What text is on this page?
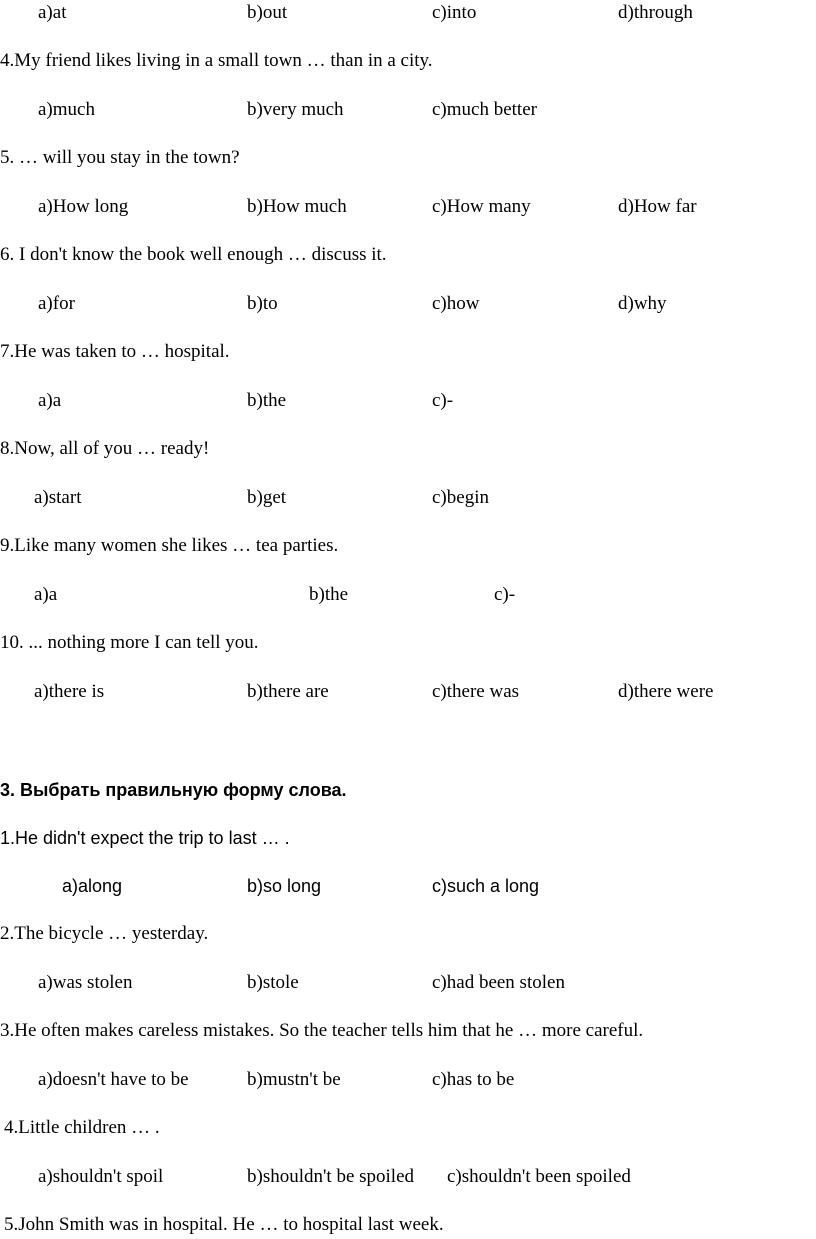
a)at	b)out	c)into	d)through
4.My friend likes living in a small town … than in a city.
a)much	b)very much	c)much better
5. … will you stay in the town?
a)How long	b)How much	c)How many	d)How far
6. I don't know the book well enough … discuss it.
a)for	b)to	c)how	d)why
7.He was taken to … hospital.
a)a	b)the	c)-
8.Now, all of you … ready!
a)start	b)get	c)begin
9.Like many women she likes … tea parties.
a)a	b)the	c)-
10. ... nothing more I can tell you.
a)there is	b)there are	c)there was	d)there were
3. Выбрать правильную форму слова.
1.He didn't expect the trip to last … .
a)along	b)so long	c)such a long
2.The bicycle … yesterday.
a)was stolen	b)stole	c)had been stolen
3.He often makes careless mistakes. So the teacher tells him that he … more careful.
a)doesn't have to be	b)mustn't be	c)has to be
4.Little children … .
a)shouldn't spoil	b)shouldn't be spoiled c)shouldn't been spoiled
5.John Smith was in hospital. He … to hospital last week.
